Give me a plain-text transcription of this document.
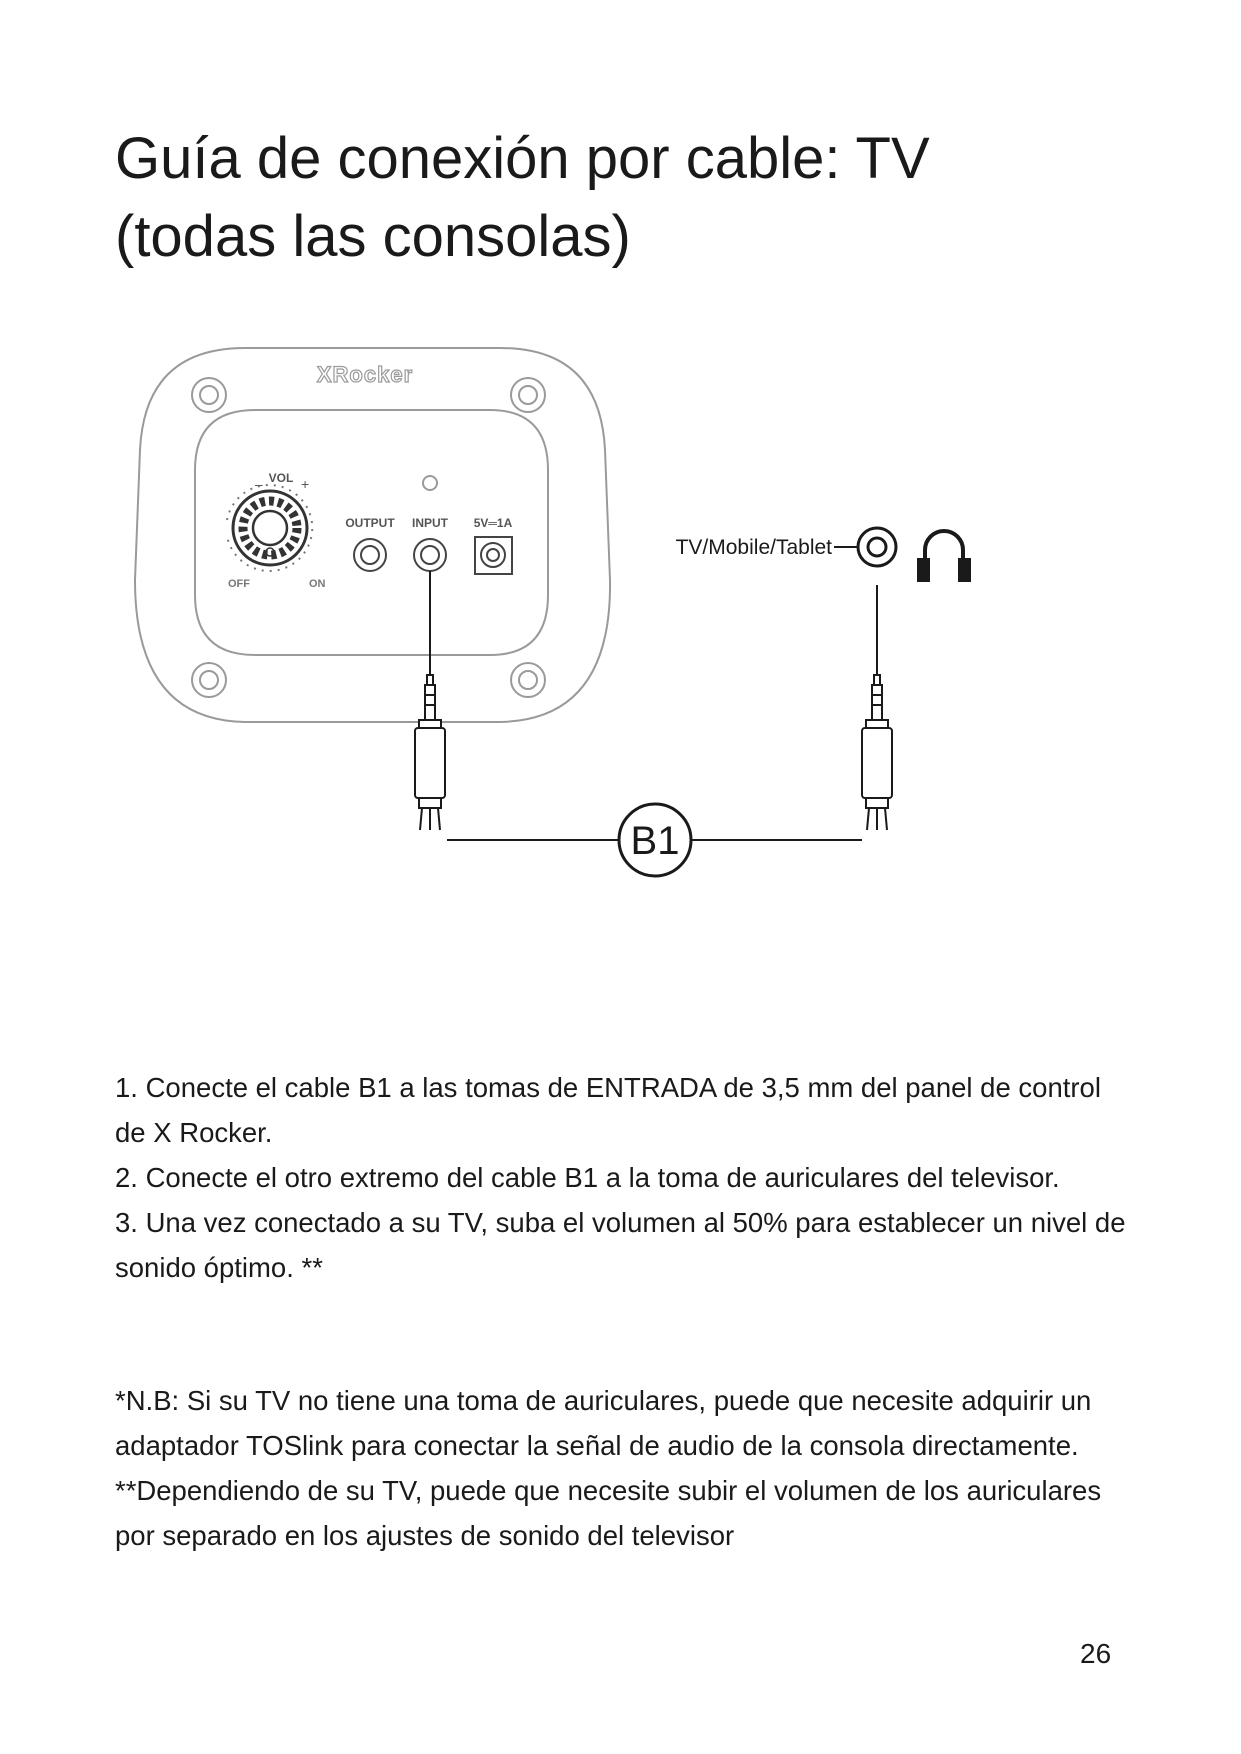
Guía de conexión por cable: TV
(todas las consolas)
XRocker
VOL
–	+
OFF	ON
OUTPUT INPUT 5V═1A
TV/Mobile/Tablet
B1

1. Conecte el cable B1 a las tomas de ENTRADA de 3,5 mm del panel de control de X Rocker.

2. Conecte el otro extremo del cable B1 a la toma de auriculares del televisor.

3. Una vez conectado a su TV, suba el volumen al 50% para establecer un nivel de sonido óptimo. **

*N.B: Si su TV no tiene una toma de auriculares, puede que necesite adquirir un adaptador TOSlink para conectar la señal de audio de la consola directamente.

**Dependiendo de su TV, puede que necesite subir el volumen de los auriculares por separado en los ajustes de sonido del televisor

26
